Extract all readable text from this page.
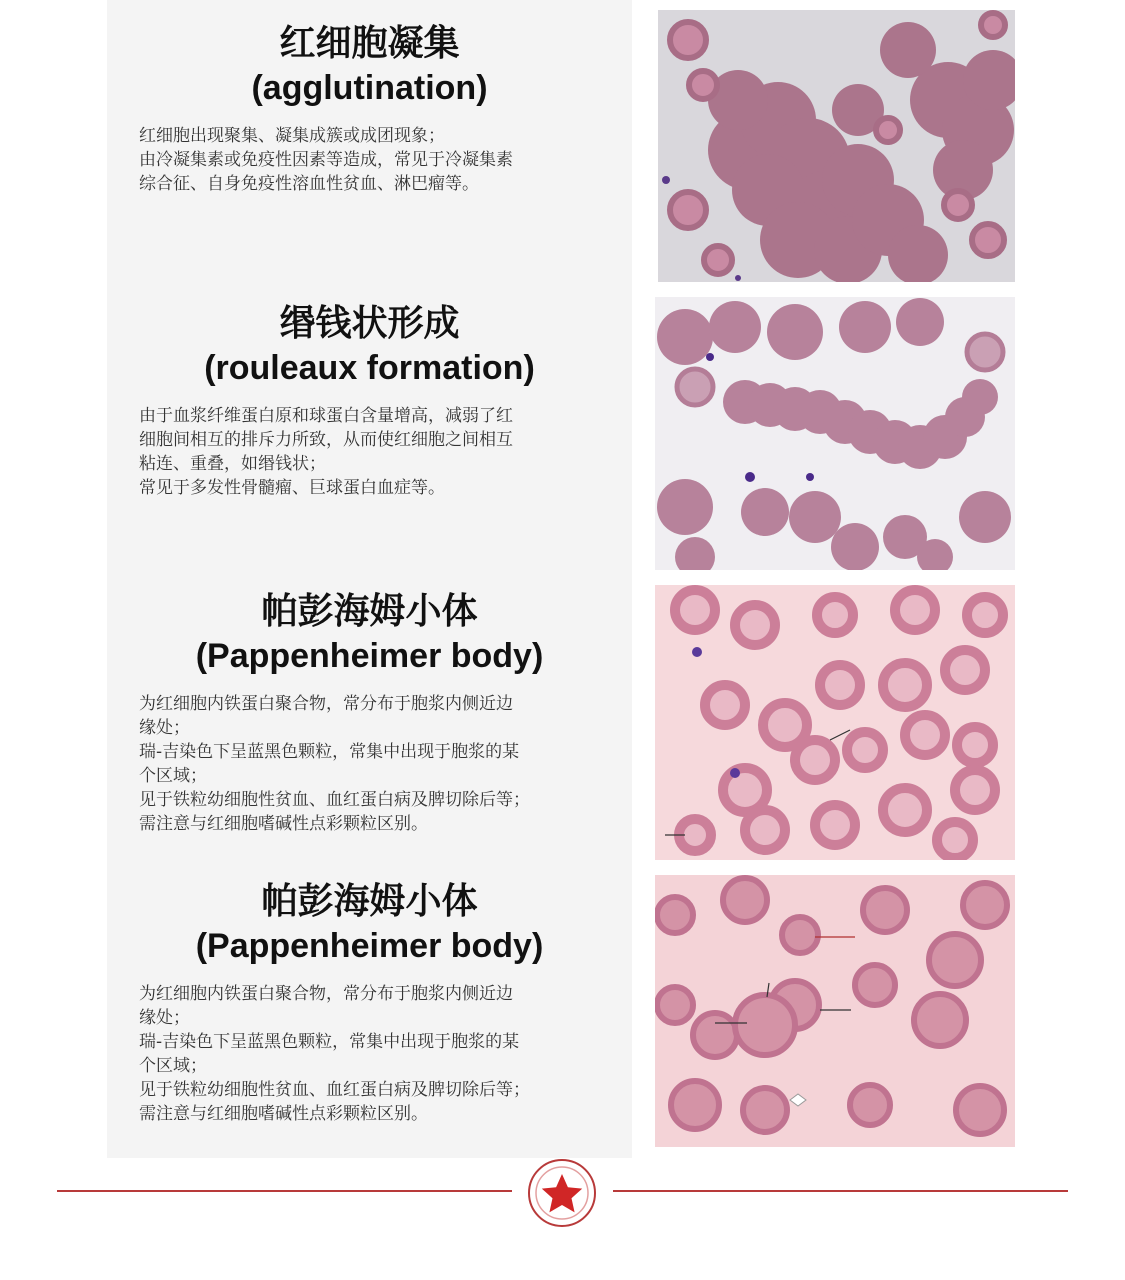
红细胞凝集
(agglutination)

红细胞出现聚集、凝集成簇或成团现象；

由冷凝集素或免疫性因素等造成，常见于冷凝集素

综合征、自身免疫性溶血性贫血、淋巴瘤等。

缗钱状形成
(rouleaux formation)

由于血浆纤维蛋白原和球蛋白含量增高，减弱了红

细胞间相互的排斥力所致，从而使红细胞之间相互

粘连、重叠，如缗钱状；

常见于多发性骨髓瘤、巨球蛋白血症等。

帕彭海姆小体
(Pappenheimer body)

为红细胞内铁蛋白聚合物，常分布于胞浆内侧近边

缘处；

瑞-吉染色下呈蓝黑色颗粒，常集中出现于胞浆的某

个区域；

见于铁粒幼细胞性贫血、血红蛋白病及脾切除后等；

需注意与红细胞嗜碱性点彩颗粒区别。

帕彭海姆小体
(Pappenheimer body)

为红细胞内铁蛋白聚合物，常分布于胞浆内侧近边

缘处；

瑞-吉染色下呈蓝黑色颗粒，常集中出现于胞浆的某

个区域；

见于铁粒幼细胞性贫血、血红蛋白病及脾切除后等；

需注意与红细胞嗜碱性点彩颗粒区别。
